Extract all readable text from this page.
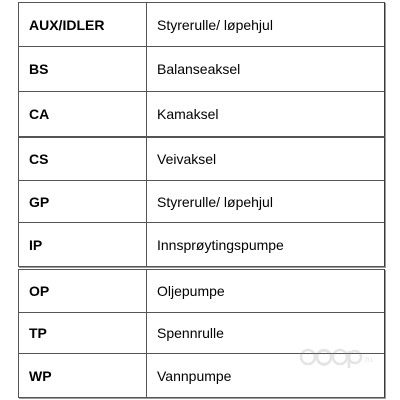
AUX/IDLER	Styrerulle/ løpehjul
BS	Balanseaksel
CA	Kamaksel
CS	Veivaksel
GP	Styrerulle/ løpehjul
IP	Innsprøytingspumpe
OP	Oljepumpe
TP	Spennrulle
WP	Vannpumpe
.ru
